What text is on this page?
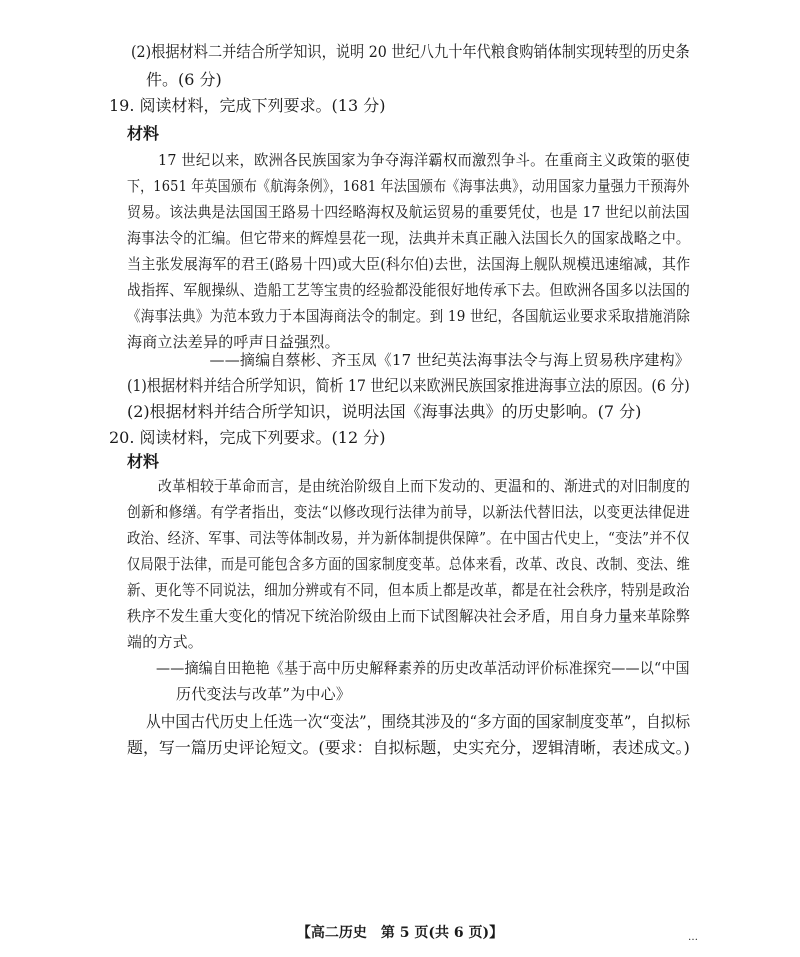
(2)根据材料二并结合所学知识，说明 20 世纪八九十年代粮食购销体制实现转型的历史条
件。(6 分)
19. 阅读材料，完成下列要求。(13 分)
材料
17 世纪以来，欧洲各民族国家为争夺海洋霸权而激烈争斗。在重商主义政策的驱使
下，1651 年英国颁布《航海条例》，1681 年法国颁布《海事法典》，动用国家力量强力干预海外
贸易。该法典是法国国王路易十四经略海权及航运贸易的重要凭仗，也是 17 世纪以前法国
海事法令的汇编。但它带来的辉煌昙花一现，法典并未真正融入法国长久的国家战略之中。
当主张发展海军的君王(路易十四)或大臣(科尔伯)去世，法国海上舰队规模迅速缩减，其作
战指挥、军舰操纵、造船工艺等宝贵的经验都没能很好地传承下去。但欧洲各国多以法国的
《海事法典》为范本致力于本国海商法令的制定。到 19 世纪，各国航运业要求采取措施消除
海商立法差异的呼声日益强烈。
——摘编自蔡彬、齐玉凤《17 世纪英法海事法令与海上贸易秩序建构》
(1)根据材料并结合所学知识，简析 17 世纪以来欧洲民族国家推进海事立法的原因。(6 分)
(2)根据材料并结合所学知识，说明法国《海事法典》的历史影响。(7 分)
20. 阅读材料，完成下列要求。(12 分)
材料
改革相较于革命而言，是由统治阶级自上而下发动的、更温和的、渐进式的对旧制度的
创新和修缮。有学者指出，变法“以修改现行法律为前导，以新法代替旧法，以变更法律促进
政治、经济、军事、司法等体制改易，并为新体制提供保障”。在中国古代史上，“变法”并不仅
仅局限于法律，而是可能包含多方面的国家制度变革。总体来看，改革、改良、改制、变法、维
新、更化等不同说法，细加分辨或有不同，但本质上都是改革，都是在社会秩序，特别是政治
秩序不发生重大变化的情况下统治阶级由上而下试图解决社会矛盾，用自身力量来革除弊
端的方式。
——摘编自田艳艳《基于高中历史解释素养的历史改革活动评价标准探究——以“中国
历代变法与改革”为中心》
从中国古代历史上任选一次“变法”，围绕其涉及的“多方面的国家制度变革”，自拟标
题，写一篇历史评论短文。(要求：自拟标题，史实充分，逻辑清晰，表述成文。)
【高二历史　第 5 页(共 6 页)】	…
